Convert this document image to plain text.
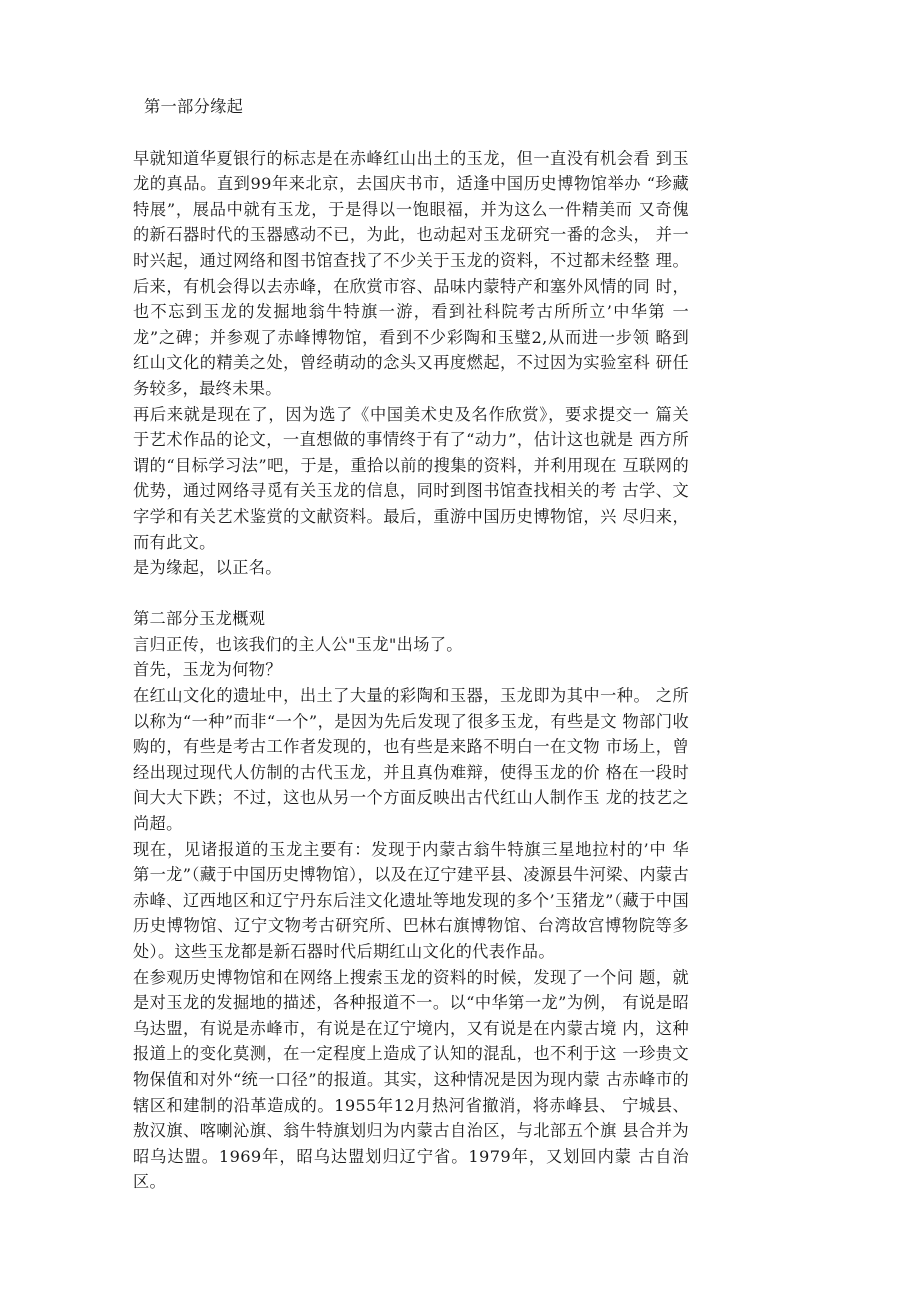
第一部分缘起

早就知道华夏银行的标志是在赤峰红山出土的玉龙，但一直没有机会看 到玉龙的真品。直到99年来北京，去国庆书市，适逢中国历史博物馆举办 “珍藏特展”，展品中就有玉龙，于是得以一饱眼福，并为这么一件精美而 又奇傀的新石器时代的玉器感动不已，为此，也动起对玉龙研究一番的念头， 并一时兴起，通过网络和图书馆查找了不少关于玉龙的资料，不过都未经整 理。后来，有机会得以去赤峰，在欣赏市容、品味内蒙特产和塞外风情的同 时，也不忘到玉龙的发掘地翁牛特旗一游，看到社科院考古所所立’中华第 一龙”之碑；并参观了赤峰博物馆，看到不少彩陶和玉璧2,从而进一步领 略到红山文化的精美之处，曾经萌动的念头又再度燃起，不过因为实验室科 研任务较多，最终未果。

再后来就是现在了，因为选了《中国美术史及名作欣赏》，要求提交一 篇关于艺术作品的论文，一直想做的事情终于有了“动力”，估计这也就是 西方所谓的“目标学习法”吧，于是，重拾以前的搜集的资料，并利用现在 互联网的优势，通过网络寻觅有关玉龙的信息，同时到图书馆查找相关的考 古学、文字学和有关艺术鉴赏的文献资料。最后，重游中国历史博物馆，兴 尽归来，而有此文。

是为缘起，以正名。

第二部分玉龙概观

言归正传，也该我们的主人公"玉龙"出场了。

首先，玉龙为何物？

在红山文化的遗址中，出土了大量的彩陶和玉器，玉龙即为其中一种。 之所以称为“一种”而非“一个”，是因为先后发现了很多玉龙，有些是文 物部门收购的，有些是考古工作者发现的，也有些是来路不明白一在文物 市场上，曾经出现过现代人仿制的古代玉龙，并且真伪难辩，使得玉龙的价 格在一段时间大大下跌；不过，这也从另一个方面反映出古代红山人制作玉 龙的技艺之尚超。

现在，见诸报道的玉龙主要有：发现于内蒙古翁牛特旗三星地拉村的’中 华第一龙”（藏于中国历史博物馆），以及在辽宁建平县、凌源县牛河梁、内蒙古赤峰、辽西地区和辽宁丹东后洼文化遗址等地发现的多个’玉猪龙”（藏于中国历史博物馆、辽宁文物考古研究所、巴林右旗博物馆、台湾故宫博物院等多处）。这些玉龙都是新石器时代后期红山文化的代表作品。

在参观历史博物馆和在网络上搜索玉龙的资料的时候，发现了一个问 题，就是对玉龙的发掘地的描述，各种报道不一。以“中华第一龙”为例， 有说是昭乌达盟，有说是赤峰市，有说是在辽宁境内，又有说是在内蒙古境 内，这种报道上的变化莫测，在一定程度上造成了认知的混乱，也不利于这 一珍贵文物保值和对外“统一口径”的报道。其实，这种情况是因为现内蒙 古赤峰市的辖区和建制的沿革造成的。1955年12月热河省撤消，将赤峰县、 宁城县、敖汉旗、喀喇沁旗、翁牛特旗划归为内蒙古自治区，与北部五个旗 县合并为昭乌达盟。1969年，昭乌达盟划归辽宁省。1979年，又划回内蒙 古自治区。
